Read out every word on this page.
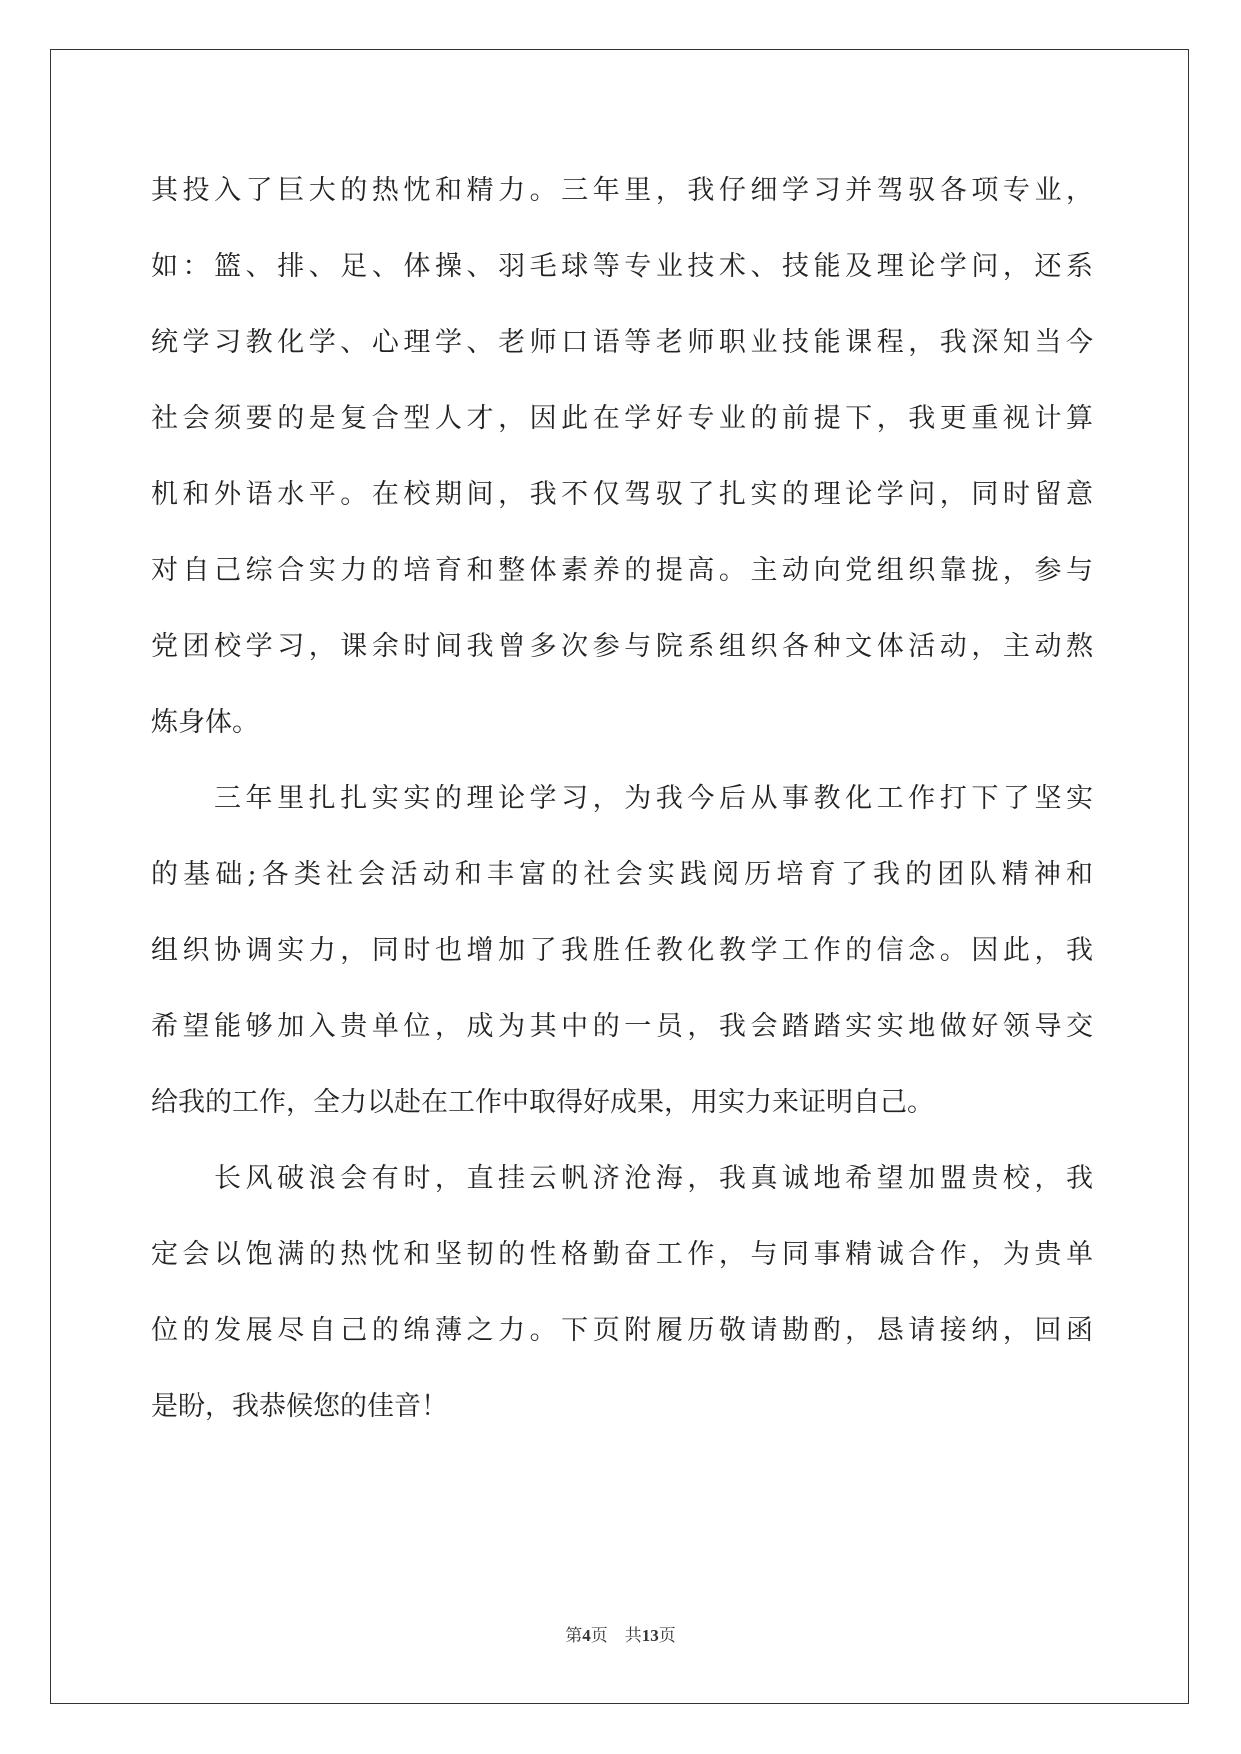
其投入了巨大的热忱和精力。三年里，我仔细学习并驾驭各项专业，
如：篮、排、足、体操、羽毛球等专业技术、技能及理论学问，还系
统学习教化学、心理学、老师口语等老师职业技能课程，我深知当今
社会须要的是复合型人才，因此在学好专业的前提下，我更重视计算
机和外语水平。在校期间，我不仅驾驭了扎实的理论学问，同时留意
对自己综合实力的培育和整体素养的提高。主动向党组织靠拢，参与
党团校学习，课余时间我曾多次参与院系组织各种文体活动，主动熬
炼身体。
三年里扎扎实实的理论学习，为我今后从事教化工作打下了坚实
的基础;各类社会活动和丰富的社会实践阅历培育了我的团队精神和
组织协调实力，同时也增加了我胜任教化教学工作的信念。因此，我
希望能够加入贵单位，成为其中的一员，我会踏踏实实地做好领导交
给我的工作，全力以赴在工作中取得好成果，用实力来证明自己。
长风破浪会有时，直挂云帆济沧海，我真诚地希望加盟贵校，我
定会以饱满的热忱和坚韧的性格勤奋工作，与同事精诚合作，为贵单
位的发展尽自己的绵薄之力。下页附履历敬请勘酌，恳请接纳，回函
是盼，我恭候您的佳音！
第4页 共13页
